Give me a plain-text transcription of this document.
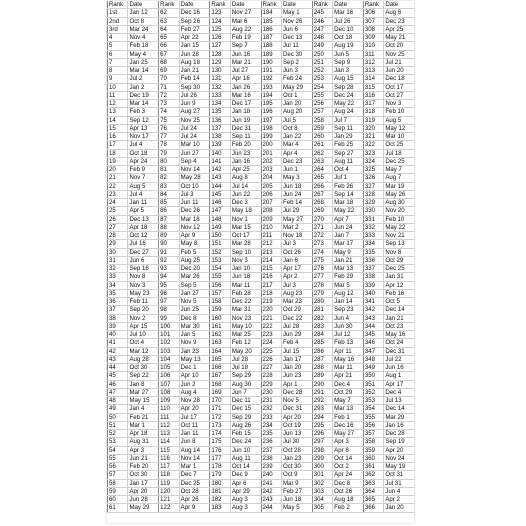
Rank	Date
1st	Jan 12
2nd	Oct 8
3rd	Mar 24
4	Nov 4
5	Feb 18
6	May 4
7	Jan 25
8	Mar 14
9	Jul 2
10	Jan 2
11	Dec 19
12	Mar 14
13	Feb 3
14	Sep 12
15	Apr 13
16	Nov 17
17	Jul 4
18	Oct 18
19	Apr 24
20	Feb 9
21	Nov 7
22	Aug 5
23	Jul 4
24	Jan 11
25	Apr 5
26	Dec 13
27	Apr 18
28	Oct 12
29	Jul 16
30	Dec 27
31	Jun 6
32	Sep 16
33	Nov 8
34	Nov 3
35	May 23
36	Feb 11
37	Sep 20
38	Nov 2
39	Apr 15
40	Jul 10
41	Oct 4
42	Mar 12
43	Aug 28
44	Oct 30
45	Sep 22
46	Jan 8
47	Mar 27
48	May 15
49	Jan 4
50	Feb 21
51	Mar 1
52	Apr 18
53	Aug 31
54	Apr 3
55	Jun 21
56	Feb 20
57	Oct 30
58	Jan 17
59	Apr 20
60	Jun 28
61	May 29
Rank	Date
62	Dec 16
63	Sep 26
64	Feb 27
65	Apr 22
66	Jan 15
67	Jun 28
68	Aug 18
69	Jan 21
70	Feb 14
71	Sep 30
72	Jul 26
73	Jun 9
74	Aug 27
75	Nov 25
76	Jul 24
77	Jul 24
78	Mar 10
79	Jun 27
80	Sep 4
81	Nov 14
82	May 28
83	Oct 10
84	Jul 3
85	Jun 11
86	Dec 26
87	Mar 18
88	Nov 12
89	Apr 9
90	May 8
91	Feb 5
92	Aug 25
93	Dec 20
94	Mar 26
95	Sep 5
96	Jan 27
97	Nov 5
98	Jun 25
99	Dec 8
100	Mar 30
101	Jan 5
102	Nov 9
103	Jan 23
104	May 13
105	Dec 1
106	Apr 10
107	Jun 2
108	Aug 4
109	Nov 28
110	Apr 20
111	Jul 17
112	Oct 11
113	Jan 11
114	Jun 8
115	Aug 14
116	Nov 14
117	Mar 1
118	Dec 7
119	Dec 25
120	Oct 28
121	Apr 26
122	Apr 9
Rank	Date
123	Nov 27
124	Mar 6
125	Aug 22
126	Feb 19
127	Sep 7
128	Jun 16
129	Mar 21
130	Jul 27
131	Apr 16
132	Jan 26
133	Mar 16
134	Dec 17
135	Jan 18
136	Jun 19
137	Dec 31
138	Sep 11
139	Feb 20
140	Jun 23
141	Jan 16
142	Apr 25
143	Aug 8
144	Jul 14
145	Jun 22
146	Dec 3
147	May 18
148	Nov 1
149	Mar 15
150	Oct 17
151	Mar 28
152	Sep 10
153	Nov 3
154	Jan 10
155	Jun 18
156	Mar 11
157	Feb 28
158	Dec 22
159	Mar 31
160	Nov 23
161	May 10
162	Mar 25
163	Feb 12
164	May 20
165	Jul 28
166	Jul 18
167	Sep 29
168	Aug 30
169	Jun 7
170	Dec 11
171	Dec 15
172	Sep 29
173	Aug 26
174	Feb 15
175	Dec 24
176	Jun 10
177	Aug 11
178	Oct 14
179	Dec 9
180	Apr 6
181	Apr 29
182	Aug 3
183	Aug 3
Rank	Date
184	May 1
185	Nov 26
186	Jun 6
187	Dec 13
188	Jul 11
189	Dec 30
190	Sep 2
191	Jun 3
192	Feb 24
193	May 29
194	Oct 1
195	Jan 20
196	Aug 20
197	Jul 5
198	Oct 8
199	Jan 22
200	Mar 4
201	Apr 4
202	Dec 23
203	Jun 1
204	May 3
205	Jun 18
206	Jun 24
207	Feb 14
208	Jul 29
209	May 27
210	Mar 2
211	Nov 18
212	Jul 3
213	Oct 26
214	Jan 6
215	Apr 17
216	Apr 2
217	Jul 3
218	Aug 23
219	Mar 23
220	Oct 29
221	Dec 22
222	Jul 28
223	Jun 29
224	Feb 4
225	Jul 15
226	Jan 17
227	Jan 20
228	Jun 23
229	Apr 1
230	Dec 28
231	Nov 5
232	Dec 31
233	Apr 20
234	Oct 19
235	Jun 13
236	Jul 30
237	Oct 28
238	Jan 23
239	Oct 30
240	Oct 9
241	Mar 9
242	Feb 27
243	Jun 18
244	May 5
Rank	Date
245	Mar 16
246	Jul 26
247	Dec 10
248	Oct 18
249	Aug 19
250	Jun 5
251	Sep 9
252	Jan 3
253	Aug 15
254	Sep 28
255	Dec 24
256	May 22
257	Aug 24
258	Jul 7
259	Sep 11
260	Jan 29
261	Feb 25
262	Sep 27
263	Aug 11
264	Oct 4
265	Jul 1
266	Feb 26
267	Sep 14
268	Mar 18
269	May 22
270	Apr 7
271	Jun 24
272	Jan 7
273	Mar 17
274	May 9
275	Jan 21
276	Mar 13
277	Feb 29
278	Mar 5
279	Aug 12
280	Jan 14
281	Sep 23
282	Jun 4
283	Jun 30
284	Jul 12
285	Feb 13
286	Apr 11
287	May 16
288	Mar 11
289	Apr 21
290	Dec 4
291	Oct 29
292	May 7
293	Mar 13
294	Feb 1
295	Dec 16
296	May 27
297	Apr 3
298	Apr 8
299	Oct 14
300	Oct 2
301	Apr 24
302	Dec 8
303	Oct 26
304	Aug 18
305	Feb 2
Rank	Date
306	Aug 6
307	Dec 23
308	Apr 25
309	May 21
310	Oct 20
311	Nov 25
312	Jul 21
313	Jun 20
314	Dec 18
315	Oct 17
316	Oct 27
317	Nov 3
318	Feb 10
319	Aug 5
320	May 12
321	Mar 10
322	Oct 25
323	Jul 18
324	Dec 25
325	May 7
326	Aug 7
327	Mar 19
328	May 26
329	Aug 30
330	Nov 20
331	Feb 10
332	May 22
333	Nov 21
334	Sep 13
335	Nov 8
336	Oct 29
337	Dec 25
338	Jan 31
339	Apr 12
340	Feb 16
341	Oct 5
342	Dec 14
343	Jan 21
344	Oct 23
345	May 16
346	Oct 24
347	Dec 31
348	Jul 22
349	Jun 16
350	Aug 1
351	Apr 17
352	Dec 4
353	Jul 13
354	Dec 14
355	Mar 29
356	Jan 16
357	Dec 28
358	Sep 19
359	Apr 20
360	Nov 24
361	May 19
362	Oct 31
363	Jul 31
364	Jun 4
365	Apr 2
366	Jan 20
